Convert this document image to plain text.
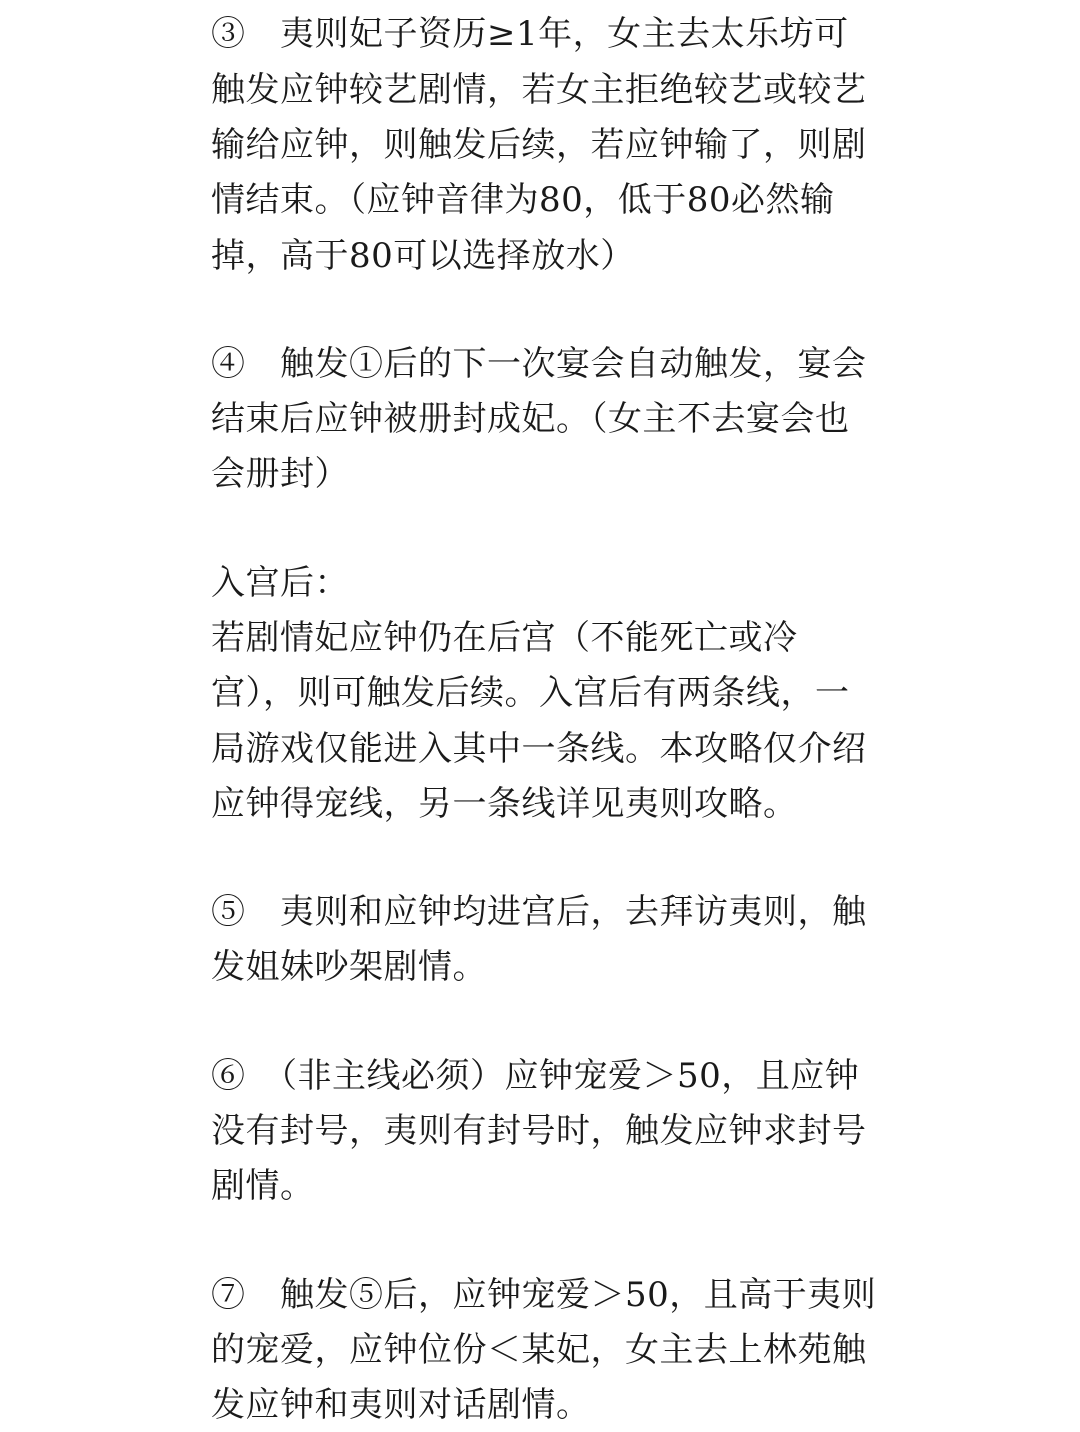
③　夷则妃子资历≥1年，女主去太乐坊可
触发应钟较艺剧情，若女主拒绝较艺或较艺
输给应钟，则触发后续，若应钟输了，则剧
情结束。（应钟音律为80，低于80必然输
掉，高于80可以选择放水）
④　触发①后的下一次宴会自动触发，宴会
结束后应钟被册封成妃。（女主不去宴会也
会册封）
入宫后：
若剧情妃应钟仍在后宫（不能死亡或冷
宫），则可触发后续。入宫后有两条线，一
局游戏仅能进入其中一条线。本攻略仅介绍
应钟得宠线，另一条线详见夷则攻略。
⑤　夷则和应钟均进宫后，去拜访夷则，触
发姐妹吵架剧情。
⑥　（非主线必须）应钟宠爱＞50，且应钟
没有封号，夷则有封号时，触发应钟求封号
剧情。
⑦　触发⑤后，应钟宠爱＞50，且高于夷则
的宠爱，应钟位份＜某妃，女主去上林苑触
发应钟和夷则对话剧情。
